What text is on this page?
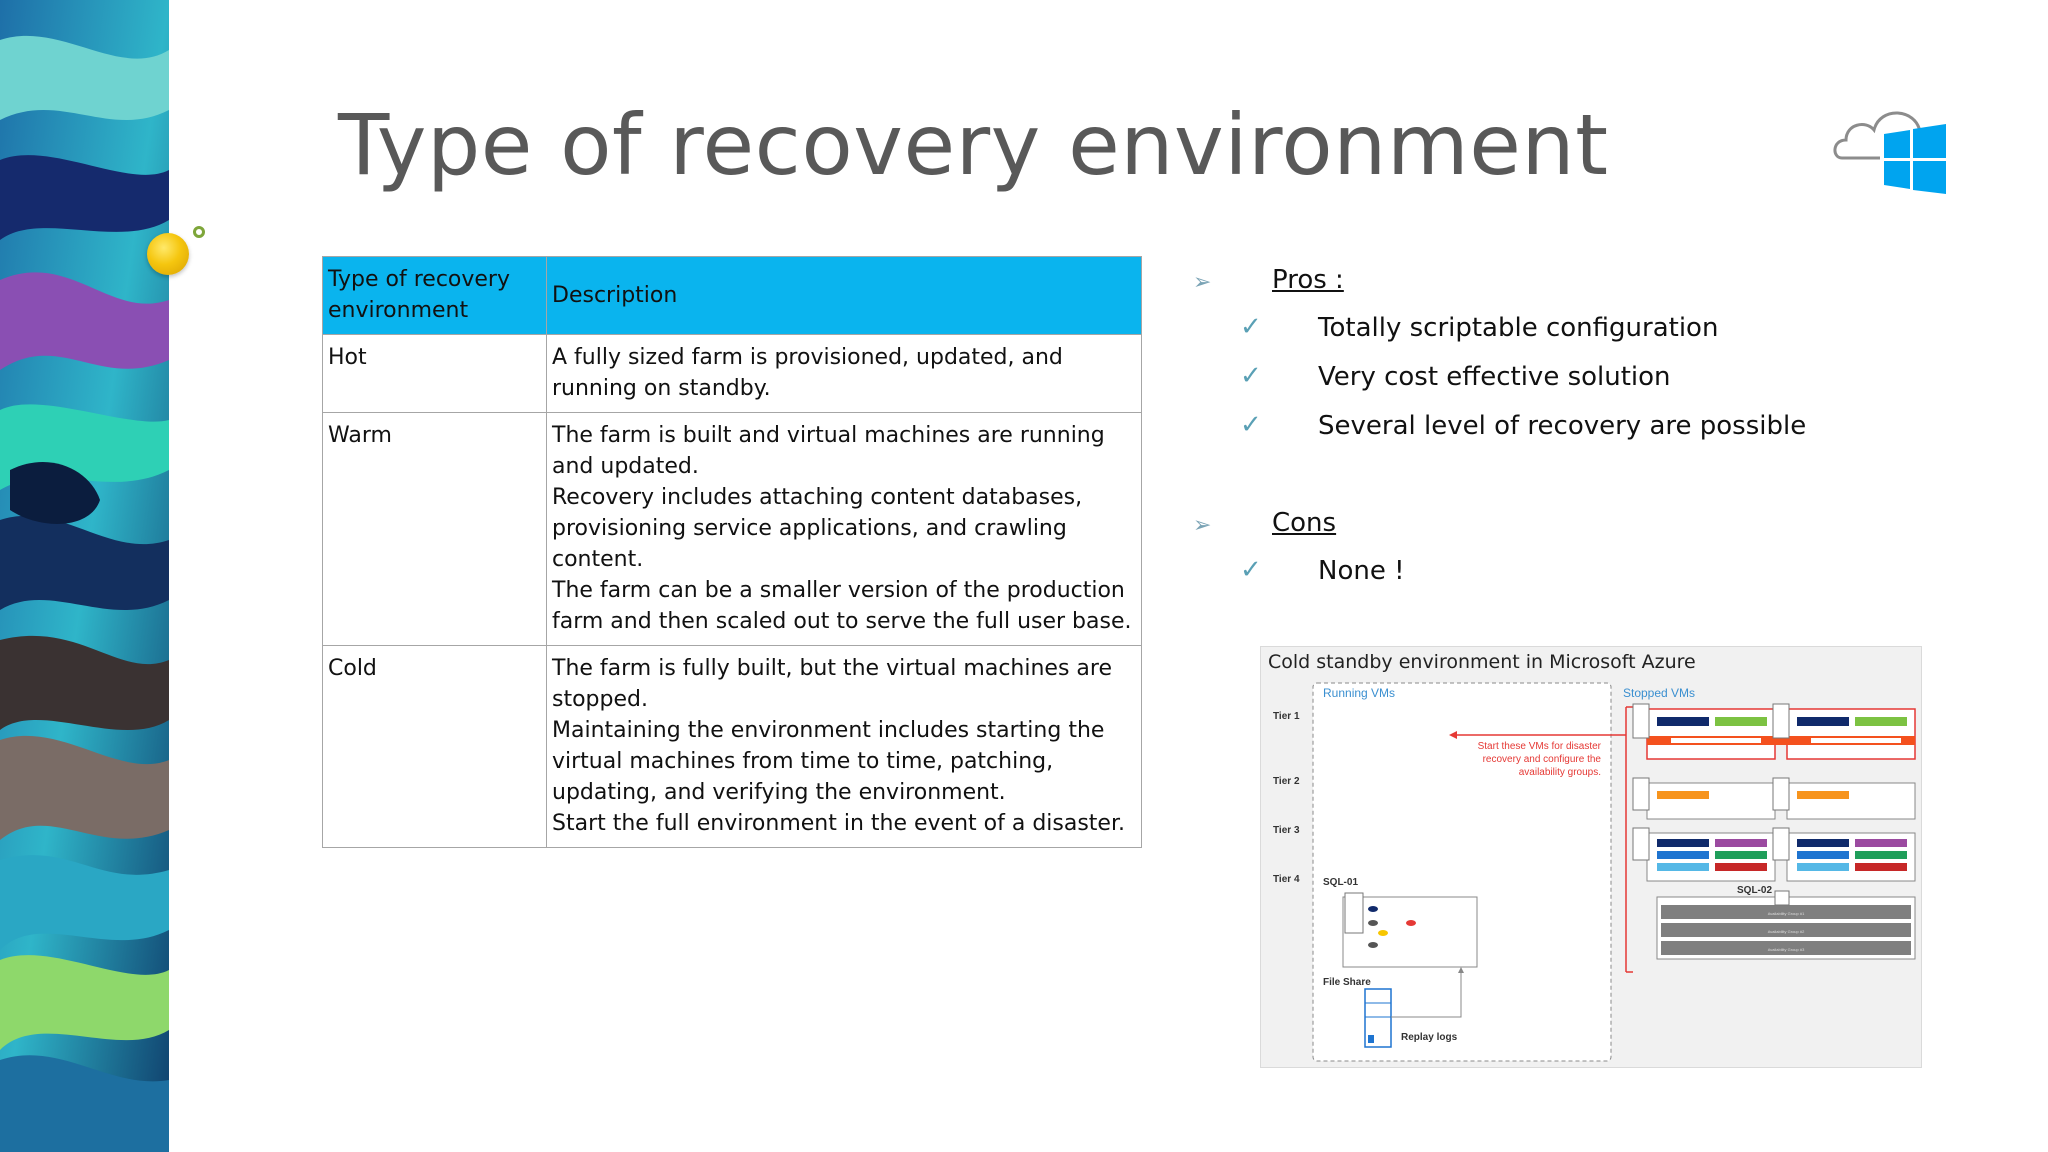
Type of recovery environment
Type of recovery environment	Description
Hot	A fully sized farm is provisioned, updated, and running on standby.

Warm	The farm is built and virtual machines are running and updated.
Recovery includes attaching content databases, provisioning service applications, and crawling content.
The farm can be a smaller version of the production farm and then scaled out to serve the full user base.

Cold	The farm is fully built, but the virtual machines are stopped.
Maintaining the environment includes starting the virtual machines from time to time, patching, updating, and verifying the environment.
Start the full environment in the event of a disaster.
➢ Pros :
✓ Totally scriptable configuration
✓ Very cost effective solution
✓ Several level of recovery are possible
➢ Cons
✓ None !
Cold standby environment in Microsoft Azure
Running VMs	Stopped VMs
Tier 1
Tier 2
Tier 3
Tier 4
Start these VMs for disaster
recovery and configure the
availability groups.
SQL-02
Availability Group #1
Availability Group #2
Availability Group #3
SQL-01
File Share
Replay logs
